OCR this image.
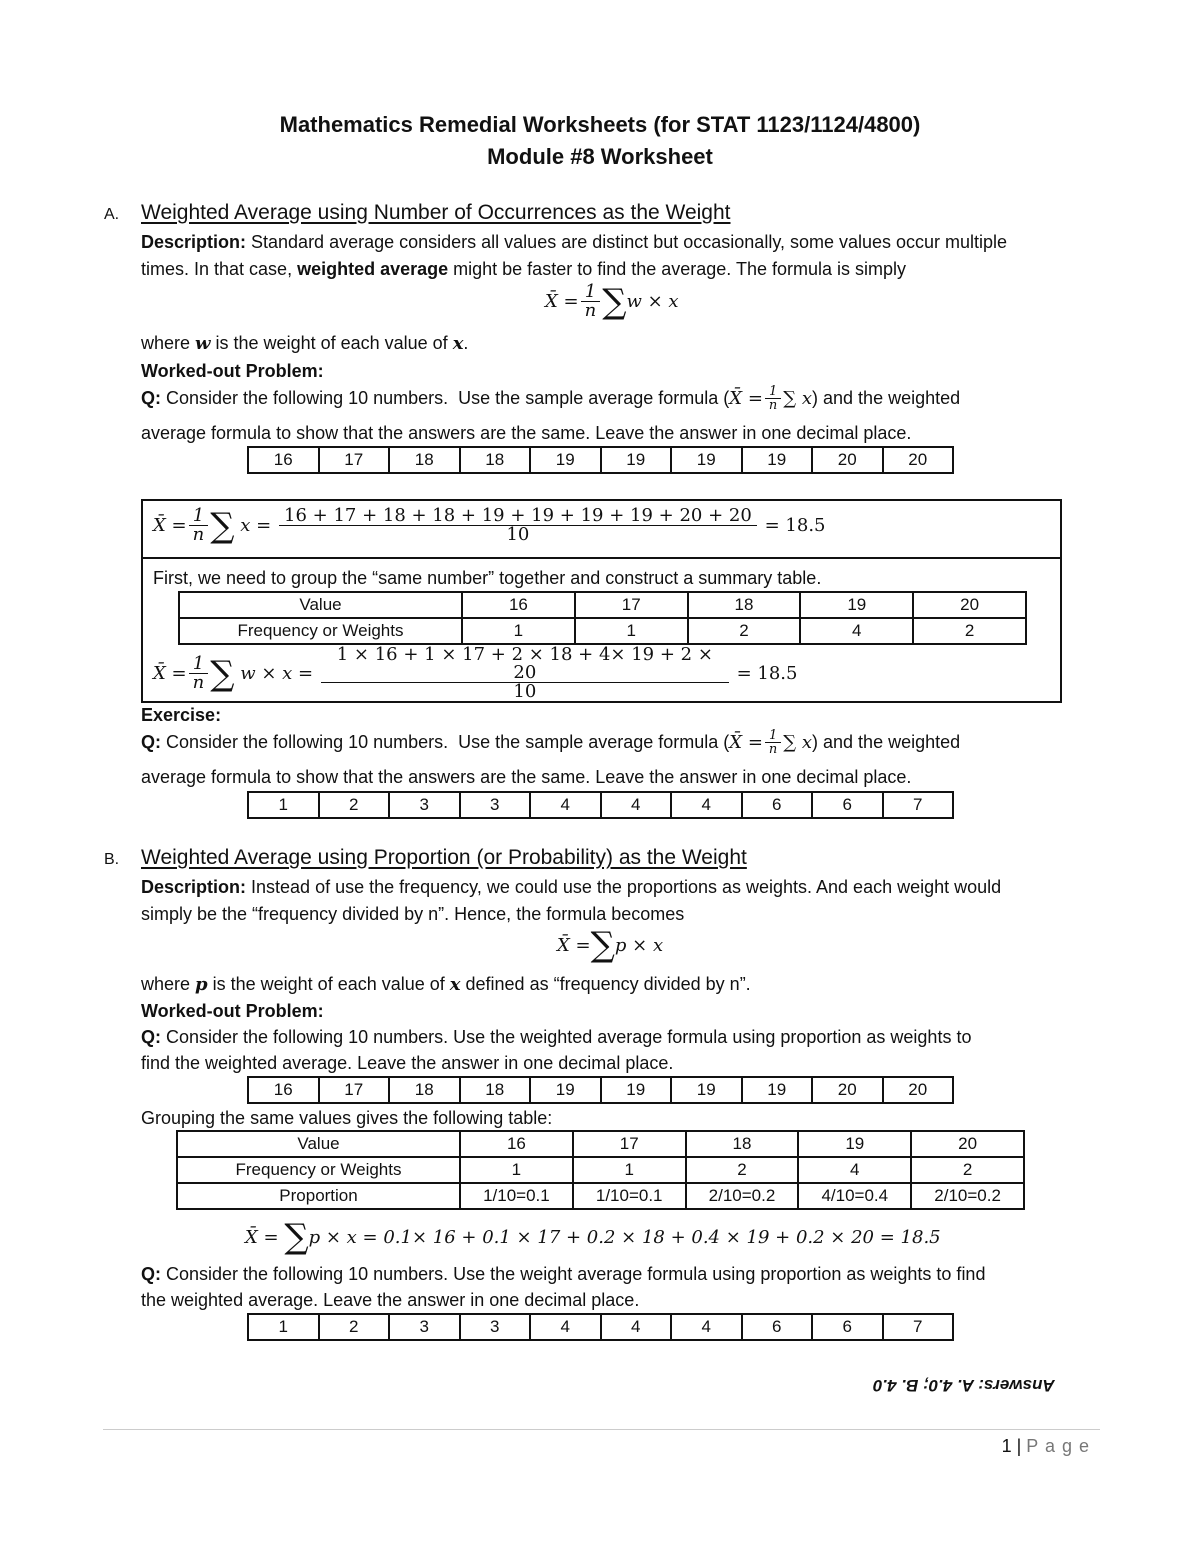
Mathematics Remedial Worksheets (for STAT 1123/1124/4800)
Module #8 Worksheet
A. Weighted Average using Number of Occurrences as the Weight
Description: Standard average considers all values are distinct but occasionally, some values occur multiple
times. In that case, weighted average might be faster to find the average. The formula is simply
X̄ = $\frac{1}{n}$ ∑ w × x
where w is the weight of each value of x.
Worked-out Problem:
Q: Consider the following 10 numbers.  Use the sample average formula ( X̄ = $\frac{1}{n}$ ∑ x ) and the weighted
average formula to show that the answers are the same. Leave the answer in one decimal place.
16	17	18	18	19	19	19	19	20	20
X̄ = $\frac{1}{n}$ ∑ $x = \frac{16 + 17 + 18 + 18 + 19 + 19 + 19 + 19 + 20 + 20}{10} = 18.5$
First, we need to group the “same number” together and construct a summary table.
Value	16	17	18	19	20
Frequency or Weights	1	1	2	4	2
X̄ = $\frac{1}{n}$ ∑ $w \times x = \frac{1 \times 16 + 1 \times 17 + 2 \times 18 + 4\times 19 + 2 \times 20}{10} = 18.5$
Exercise:
Q: Consider the following 10 numbers.  Use the sample average formula ( X̄ = $\frac{1}{n}$ ∑ x ) and the weighted
average formula to show that the answers are the same. Leave the answer in one decimal place.
1	2	3	3	4	4	4	6	6	7
B. Weighted Average using Proportion (or Probability) as the Weight
Description: Instead of use the frequency, we could use the proportions as weights. And each weight would
simply be the “frequency divided by n”. Hence, the formula becomes
X̄ = ∑ p × x
where p is the weight of each value of x defined as “frequency divided by n”.
Worked-out Problem:
Q: Consider the following 10 numbers. Use the weighted average formula using proportion as weights to
find the weighted average. Leave the answer in one decimal place.
16	17	18	18	19	19	19	19	20	20
Grouping the same values gives the following table:
Value	16	17	18	19	20
Frequency or Weights	1	1	2	4	2
Proportion	1/10=0.1	1/10=0.1	2/10=0.2	4/10=0.4	2/10=0.2
X̄ = ∑ p × x = 0.1× 16 + 0.1 × 17 + 0.2 × 18 + 0.4 × 19 + 0.2 × 20 = 18.5
Q: Consider the following 10 numbers. Use the weight average formula using proportion as weights to find
the weighted average. Leave the answer in one decimal place.
1	2	3	3	4	4	4	6	6	7
Answers: A. 4.0; B. 4.0
1 | P a g e
